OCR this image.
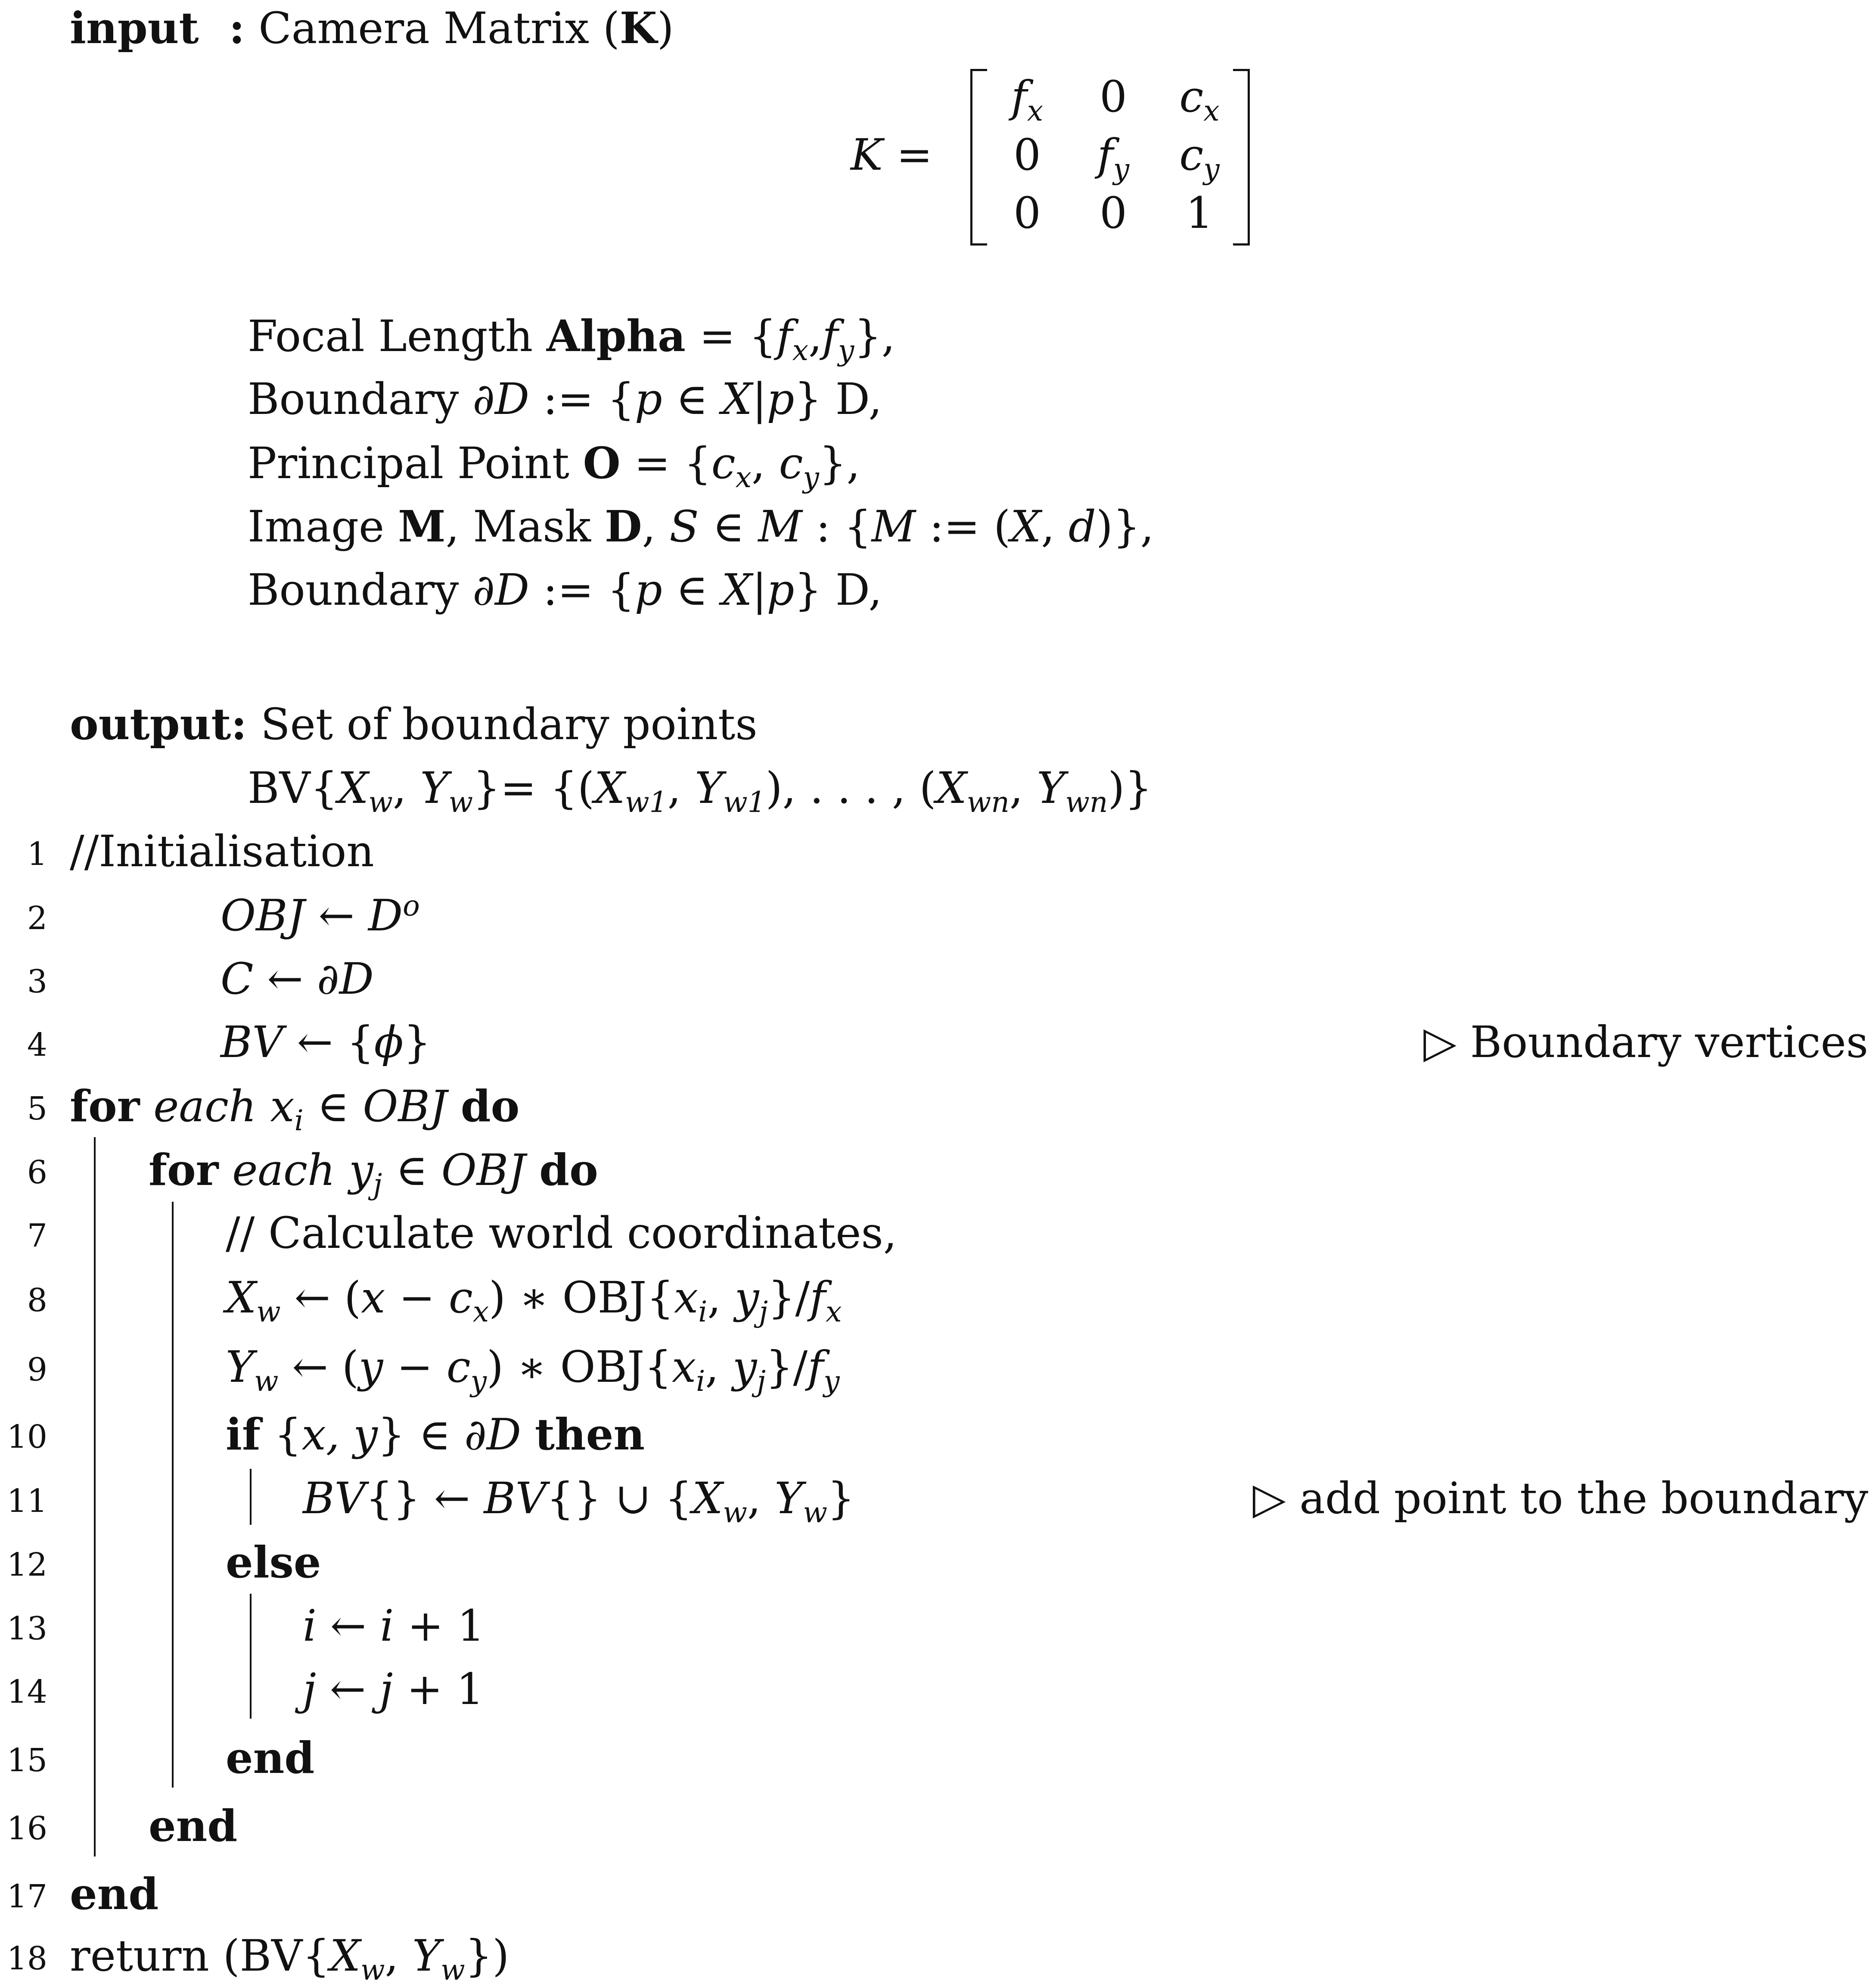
input : Camera Matrix (K)
K =
$f_x$	0	$c_x$
0	$f_y$	$c_y$
0	0	1
Focal Length Alpha = $\{f_x,f_y\}$,
Boundary ∂D := {p ∈ X|p} D,
Principal Point $O = \{c_x$, $c_y$},
Image M, Mask D, S ∈ M : {M := (X, d)},
Boundary ∂D := {p ∈ X|p} D,
output: Set of boundary points
$BV\{X_w$, $Y_w\}= \{(X_{w1}$, $Y_{w1}$), . . . , ($X_{wn}$, $Y_{wn}$)}
1
2
3
4
5
6
7
8
9
10
11
12
13
14
15
16
17
18
//Initialisation
OBJ ← $D^o$
C ← ∂D
BV ← {ϕ}	▷ Boundary vertices
for each $x_i$ ∈ OBJ do
for each $y_j$ ∈ OBJ do
// Calculate world coordinates,
$X_w$ ← $(x - c_x)$ ∗ $OBJ\{x_i$, $y_j\}/f_x$
$Y_w$ ← $(y - c_y)$ ∗ $OBJ\{x_i$, $y_j\}/f_y$
if {x, y} ∈ ∂D then
BV{} ← BV{} ∪ {$X_w$, $Y_w$}	▷ add point to the boundary
else
i ← i + 1
j ← j + 1
end
end
end
return ($BV\{X_w$, $Y_w$})
